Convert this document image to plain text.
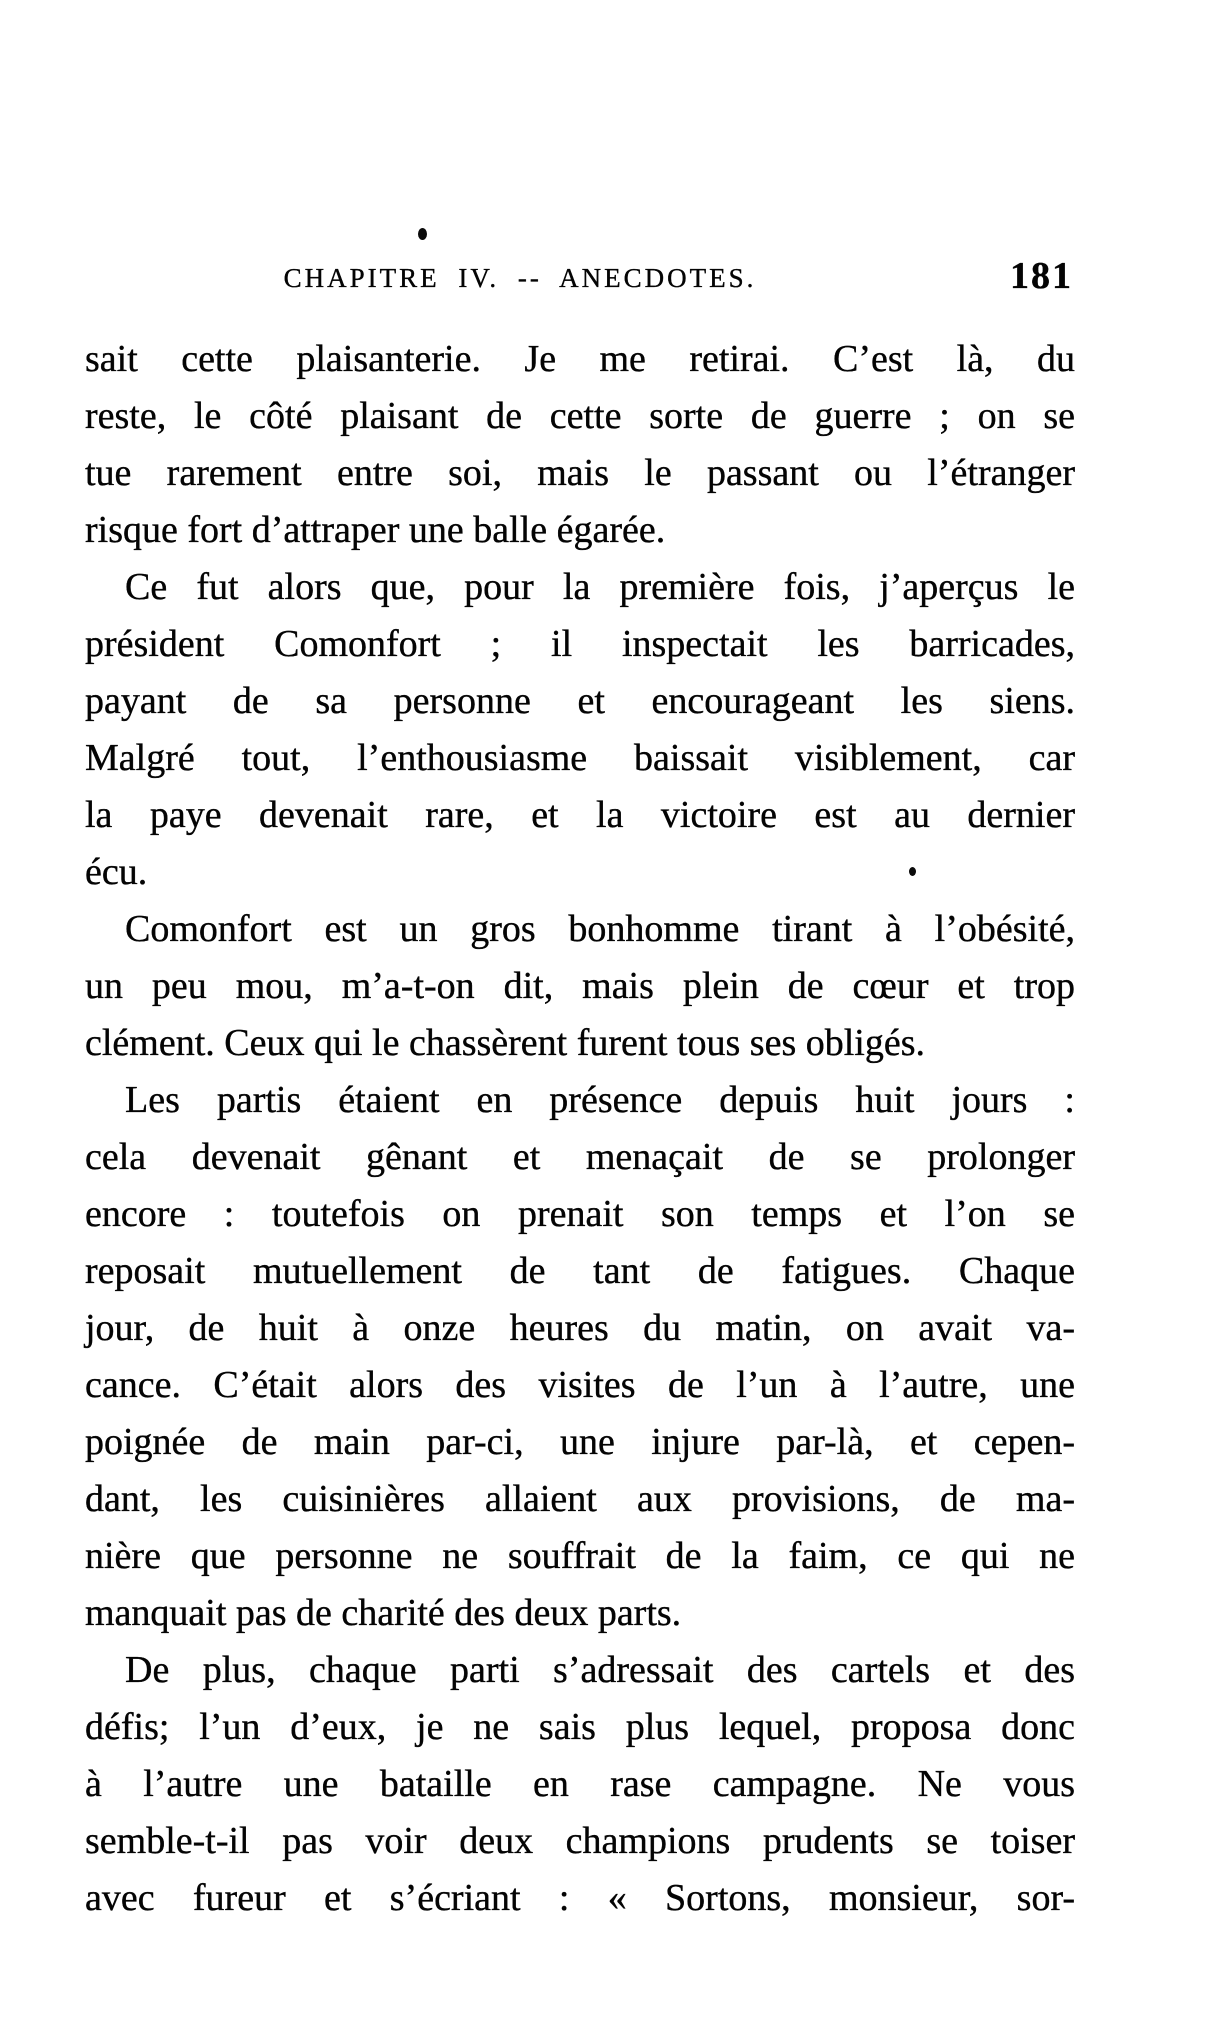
CHAPITRE IV. -- ANECDOTES.	181
sait cette plaisanterie. Je me retirai. C’est là, du
reste, le côté plaisant de cette sorte de guerre ; on se
tue rarement entre soi, mais le passant ou l’étranger
risque fort d’attraper une balle égarée.
Ce fut alors que, pour la première fois, j’aperçus le
président Comonfort ; il inspectait les barricades,
payant de sa personne et encourageant les siens.
Malgré tout, l’enthousiasme baissait visiblement, car
la paye devenait rare, et la victoire est au dernier
écu.
Comonfort est un gros bonhomme tirant à l’obésité,
un peu mou, m’a-t-on dit, mais plein de cœur et trop
clément. Ceux qui le chassèrent furent tous ses obligés.
Les partis étaient en présence depuis huit jours :
cela devenait gênant et menaçait de se prolonger
encore : toutefois on prenait son temps et l’on se
reposait mutuellement de tant de fatigues. Chaque
jour, de huit à onze heures du matin, on avait va-
cance. C’était alors des visites de l’un à l’autre, une
poignée de main par-ci, une injure par-là, et cepen-
dant, les cuisinières allaient aux provisions, de ma-
nière que personne ne souffrait de la faim, ce qui ne
manquait pas de charité des deux parts.
De plus, chaque parti s’adressait des cartels et des
défis; l’un d’eux, je ne sais plus lequel, proposa donc
à l’autre une bataille en rase campagne. Ne vous
semble-t-il pas voir deux champions prudents se toiser
avec fureur et s’écriant : « Sortons, monsieur, sor-
